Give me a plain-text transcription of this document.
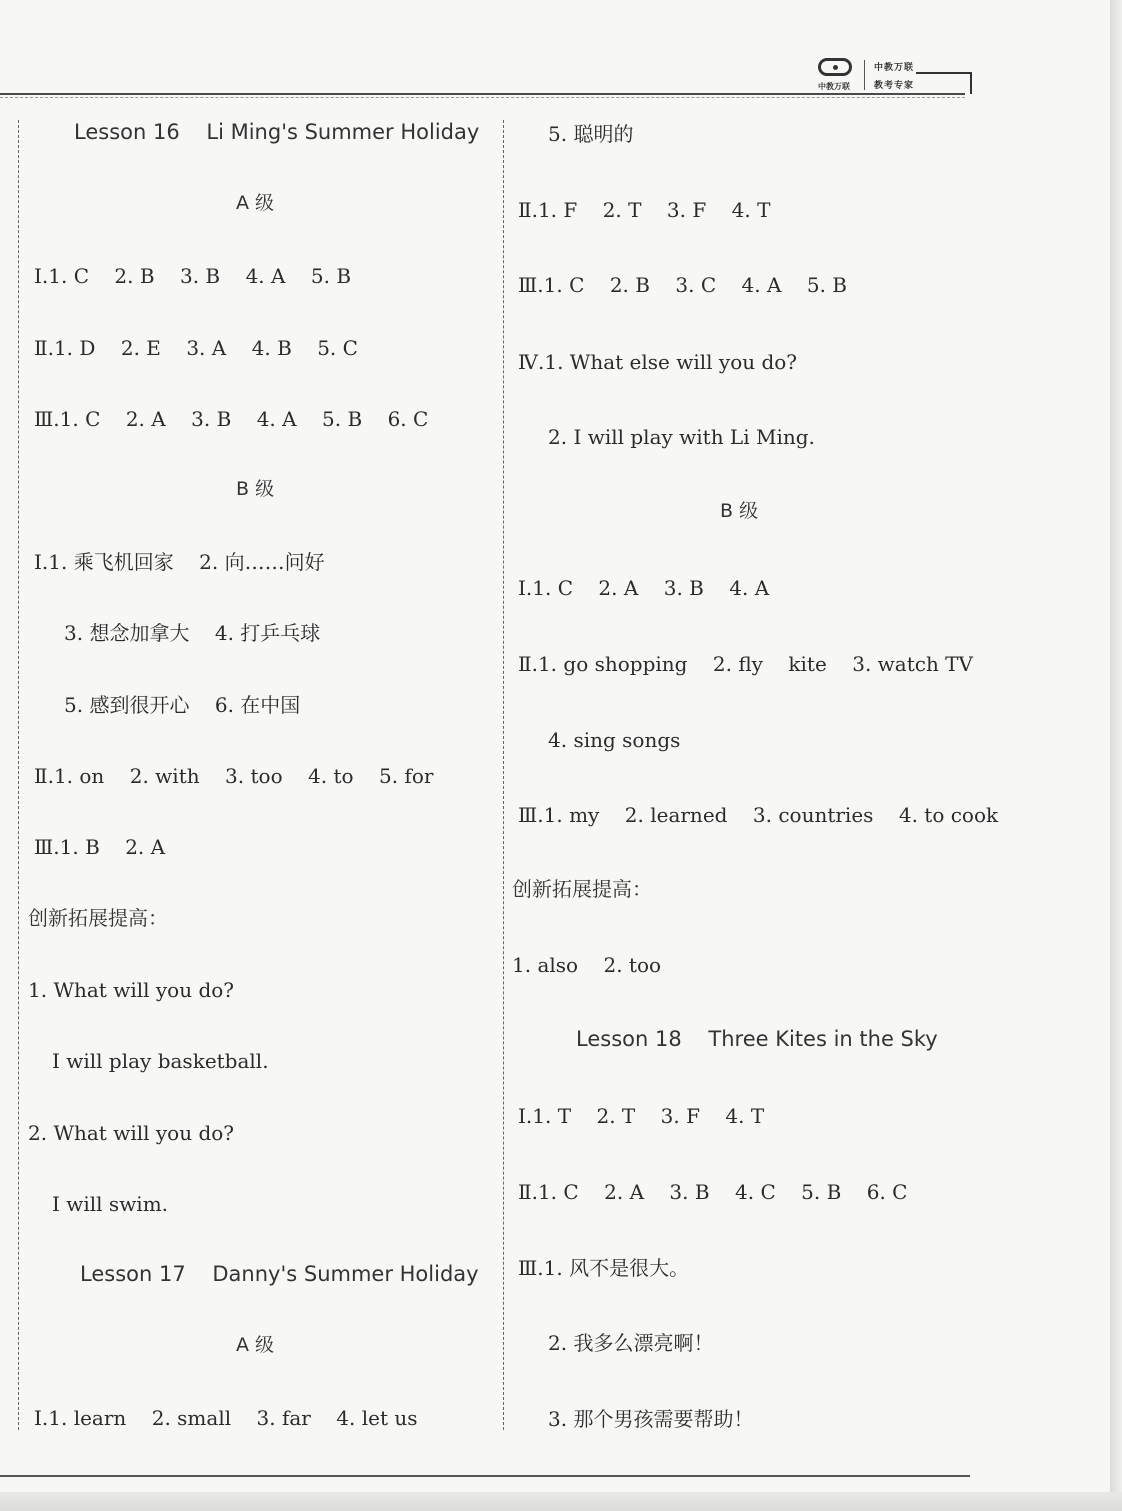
中教万联
中教万联
教考专家
Lesson 16    Li Ming's Summer Holiday
A 级
Ⅰ.1. C    2. B    3. B    4. A    5. B
Ⅱ.1. D    2. E    3. A    4. B    5. C
Ⅲ.1. C    2. A    3. B    4. A    5. B    6. C
B 级
Ⅰ.1. 乘飞机回家    2. 向……问好
3. 想念加拿大    4. 打乒乓球
5. 感到很开心    6. 在中国
Ⅱ.1. on    2. with    3. too    4. to    5. for
Ⅲ.1. B    2. A
创新拓展提高：
1. What will you do?
I will play basketball.
2. What will you do?
I will swim.
Lesson 17    Danny's Summer Holiday
A 级
Ⅰ.1. learn    2. small    3. far    4. let us
5. 聪明的
Ⅱ.1. F    2. T    3. F    4. T
Ⅲ.1. C    2. B    3. C    4. A    5. B
Ⅳ.1. What else will you do?
2. I will play with Li Ming.
B 级
Ⅰ.1. C    2. A    3. B    4. A
Ⅱ.1. go shopping    2. fly    kite    3. watch TV
4. sing songs
Ⅲ.1. my    2. learned    3. countries    4. to cook
创新拓展提高：
1. also    2. too
Lesson 18    Three Kites in the Sky
Ⅰ.1. T    2. T    3. F    4. T
Ⅱ.1. C    2. A    3. B    4. C    5. B    6. C
Ⅲ.1. 风不是很大。
2. 我多么漂亮啊！
3. 那个男孩需要帮助！
